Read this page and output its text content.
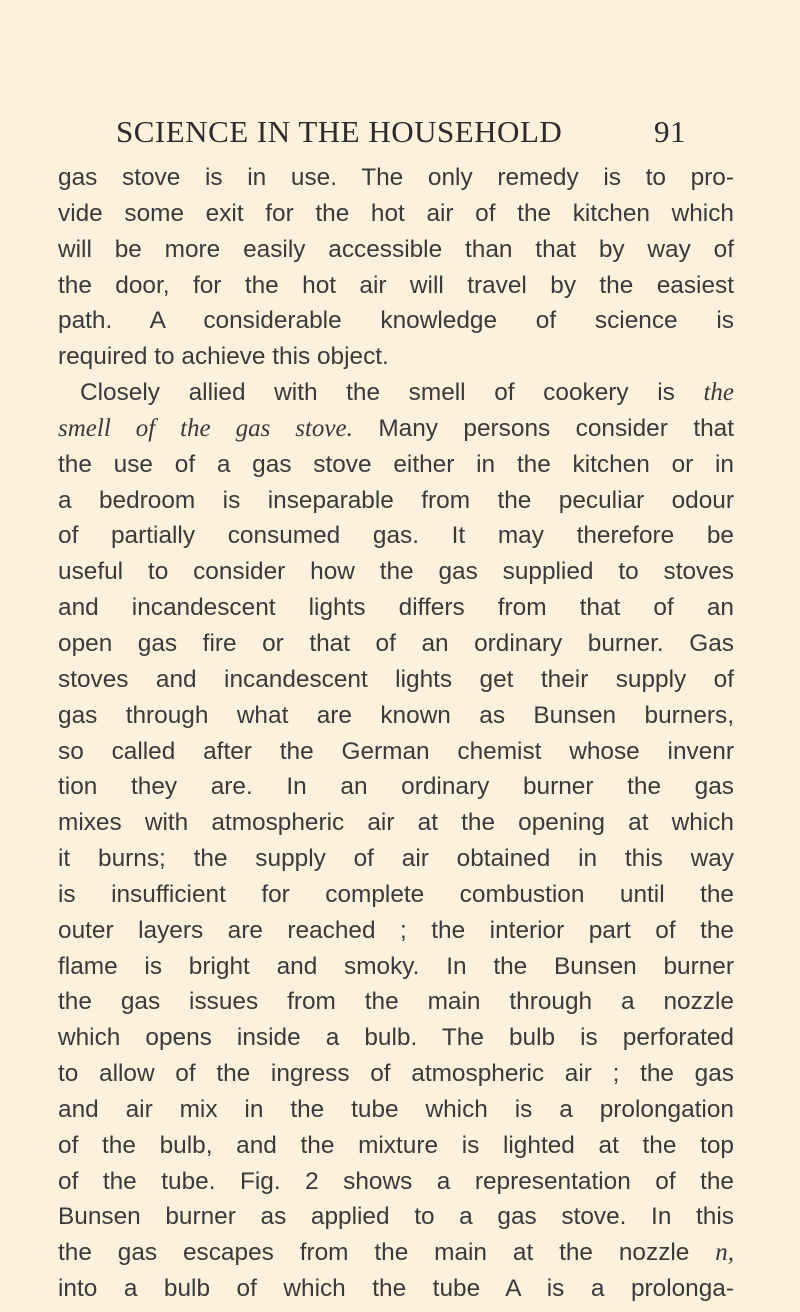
SCIENCE IN THE HOUSEHOLD	91
gas stove is in use. The only remedy is to pro-
vide some exit for the hot air of the kitchen which
will be more easily accessible than that by way of
the door, for the hot air will travel by the easiest
path. A considerable knowledge of science is
required to achieve this object.
Closely allied with the smell of cookery is the
smell of the gas stove. Many persons consider that
the use of a gas stove either in the kitchen or in
a bedroom is inseparable from the peculiar odour
of partially consumed gas. It may therefore be
useful to consider how the gas supplied to stoves
and incandescent lights differs from that of an
open gas fire or that of an ordinary burner. Gas
stoves and incandescent lights get their supply of
gas through what are known as Bunsen burners,
so called after the German chemist whose invenr
tion they are. In an ordinary burner the gas
mixes with atmospheric air at the opening at which
it burns; the supply of air obtained in this way
is insufficient for complete combustion until the
outer layers are reached ; the interior part of the
flame is bright and smoky. In the Bunsen burner
the gas issues from the main through a nozzle
which opens inside a bulb. The bulb is perforated
to allow of the ingress of atmospheric air ; the gas
and air mix in the tube which is a prolongation
of the bulb, and the mixture is lighted at the top
of the tube. Fig. 2 shows a representation of the
Bunsen burner as applied to a gas stove. In this
the gas escapes from the main at the nozzle n,
into a bulb of which the tube A is a prolonga-
